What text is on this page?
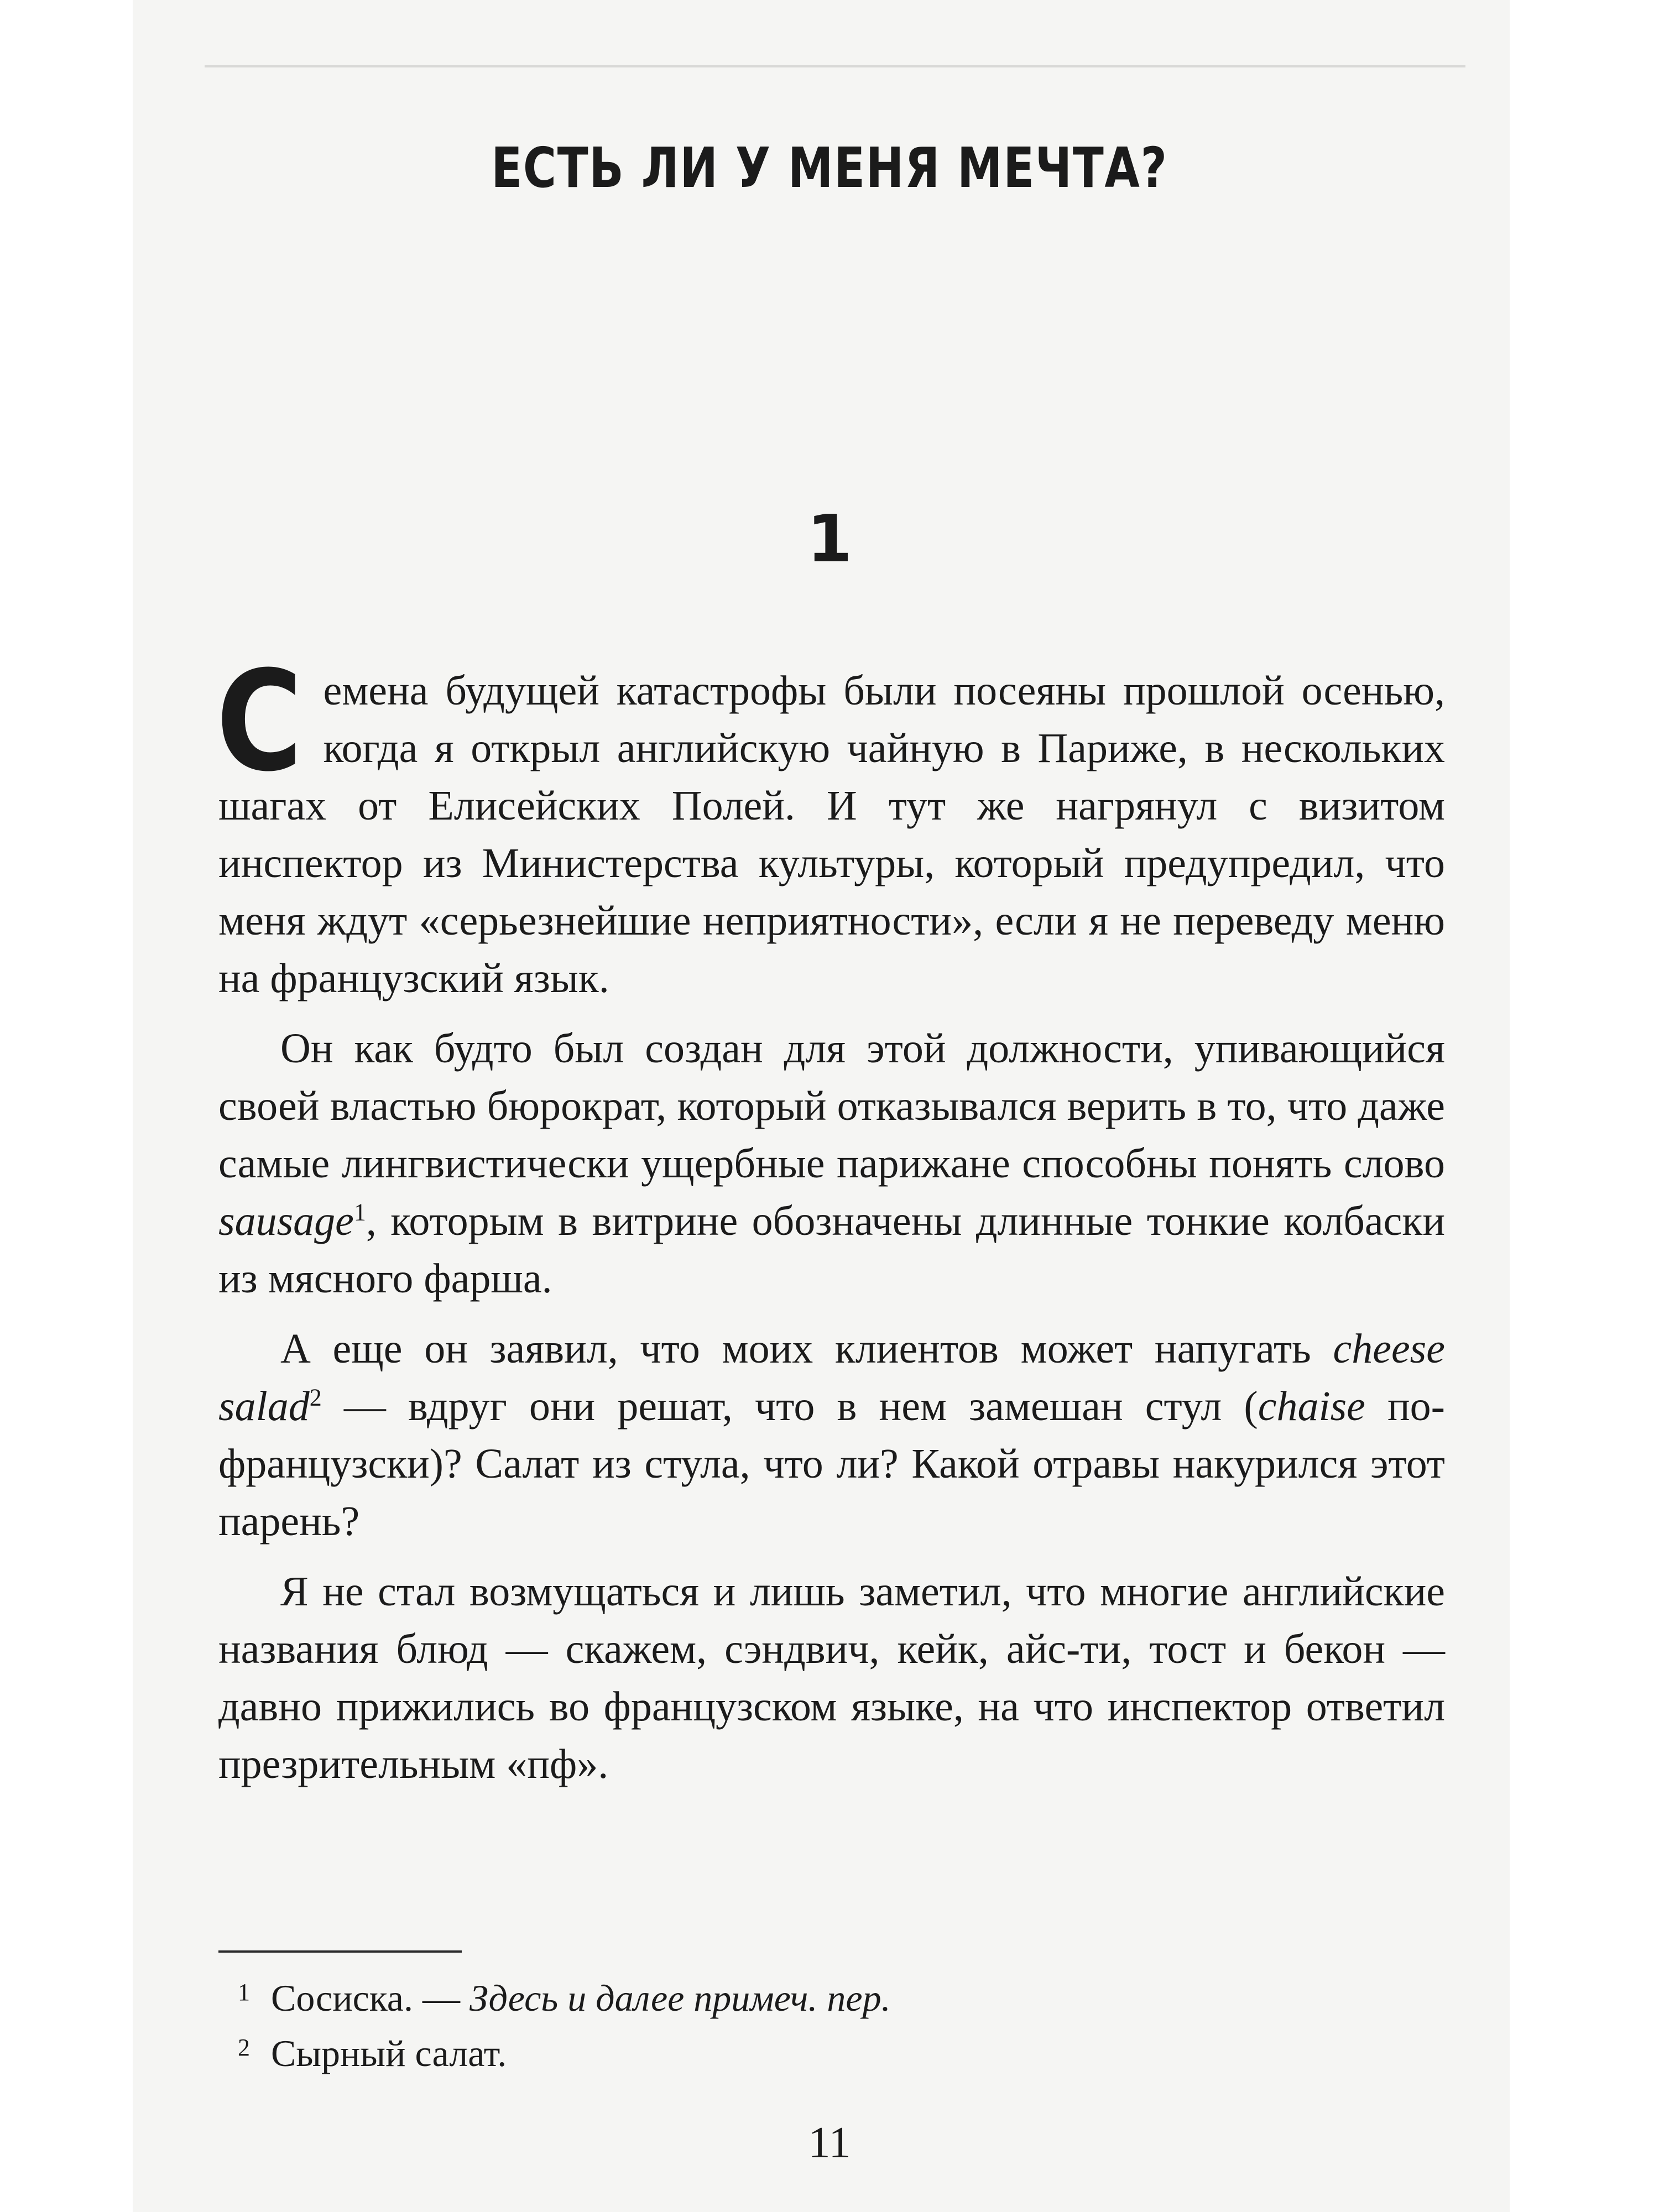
ЕСТЬ ЛИ У МЕНЯ МЕЧТА?
1

Семена будущей катастрофы были посеяны прошлой осенью, когда я открыл английскую чайную в Париже, в нескольких шагах от Елисейских Полей. И тут же нагрянул с визитом инспектор из Министерства культуры, который предупредил, что меня ждут «серьезнейшие неприятности», если я не переведу меню на французский язык.

Он как будто был создан для этой должности, упивающийся своей властью бюрократ, который отказывался верить в то, что даже самые лингвистически ущербные парижане способны понять слово sausage$^1$, которым в витрине обозначены длинные тонкие колбаски из мясного фарша.

А еще он заявил, что моих клиентов может напугать cheese salad$^2$ — вдруг они решат, что в нем замешан стул (chaise по-французски)? Салат из стула, что ли? Какой отравы накурился этот парень?

Я не стал возмущаться и лишь заметил, что многие английские названия блюд — скажем, сэндвич, кейк, айс-ти, тост и бекон — давно прижились во французском языке, на что инспектор ответил презрительным «пф».

1 Сосиска. — Здесь и далее примеч. пер.

2 Сырный салат.

11
